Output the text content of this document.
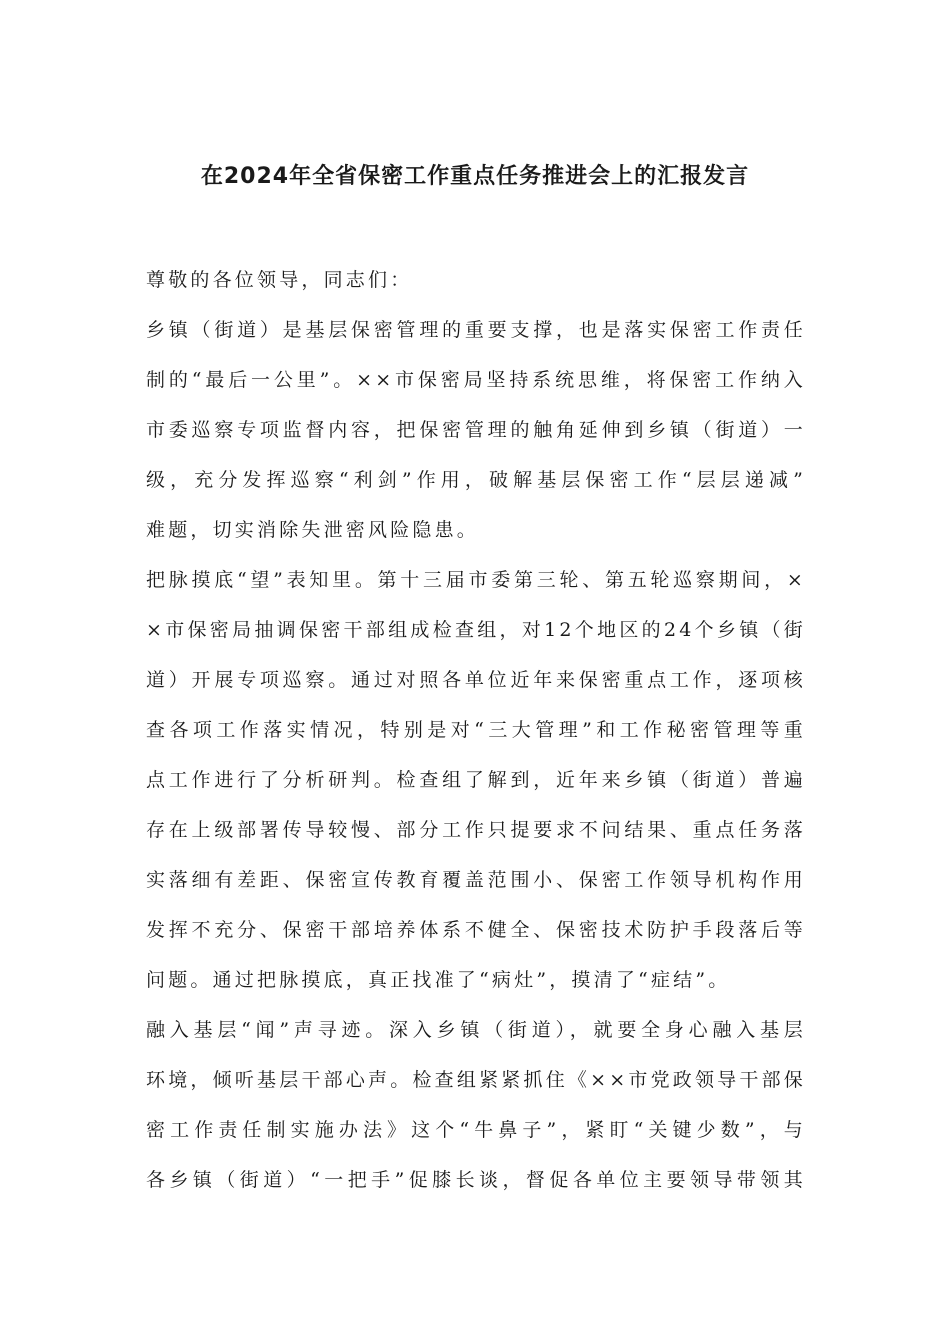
在2024年全省保密工作重点任务推进会上的汇报发言
尊敬的各位领导，同志们：
乡镇（街道）是基层保密管理的重要支撑，也是落实保密工作责任
制的“最后一公里”。××市保密局坚持系统思维，将保密工作纳入
市委巡察专项监督内容，把保密管理的触角延伸到乡镇（街道）一
级，充分发挥巡察“利剑”作用，破解基层保密工作“层层递减”
难题，切实消除失泄密风险隐患。
把脉摸底“望”表知里。第十三届市委第三轮、第五轮巡察期间，×
×市保密局抽调保密干部组成检查组，对12个地区的24个乡镇（街
道）开展专项巡察。通过对照各单位近年来保密重点工作，逐项核
查各项工作落实情况，特别是对“三大管理”和工作秘密管理等重
点工作进行了分析研判。检查组了解到，近年来乡镇（街道）普遍
存在上级部署传导较慢、部分工作只提要求不问结果、重点任务落
实落细有差距、保密宣传教育覆盖范围小、保密工作领导机构作用
发挥不充分、保密干部培养体系不健全、保密技术防护手段落后等
问题。通过把脉摸底，真正找准了“病灶”，摸清了“症结”。
融入基层“闻”声寻迹。深入乡镇（街道），就要全身心融入基层
环境，倾听基层干部心声。检查组紧紧抓住《××市党政领导干部保
密工作责任制实施办法》这个“牛鼻子”，紧盯“关键少数”，与
各乡镇（街道）“一把手”促膝长谈，督促各单位主要领导带领其
